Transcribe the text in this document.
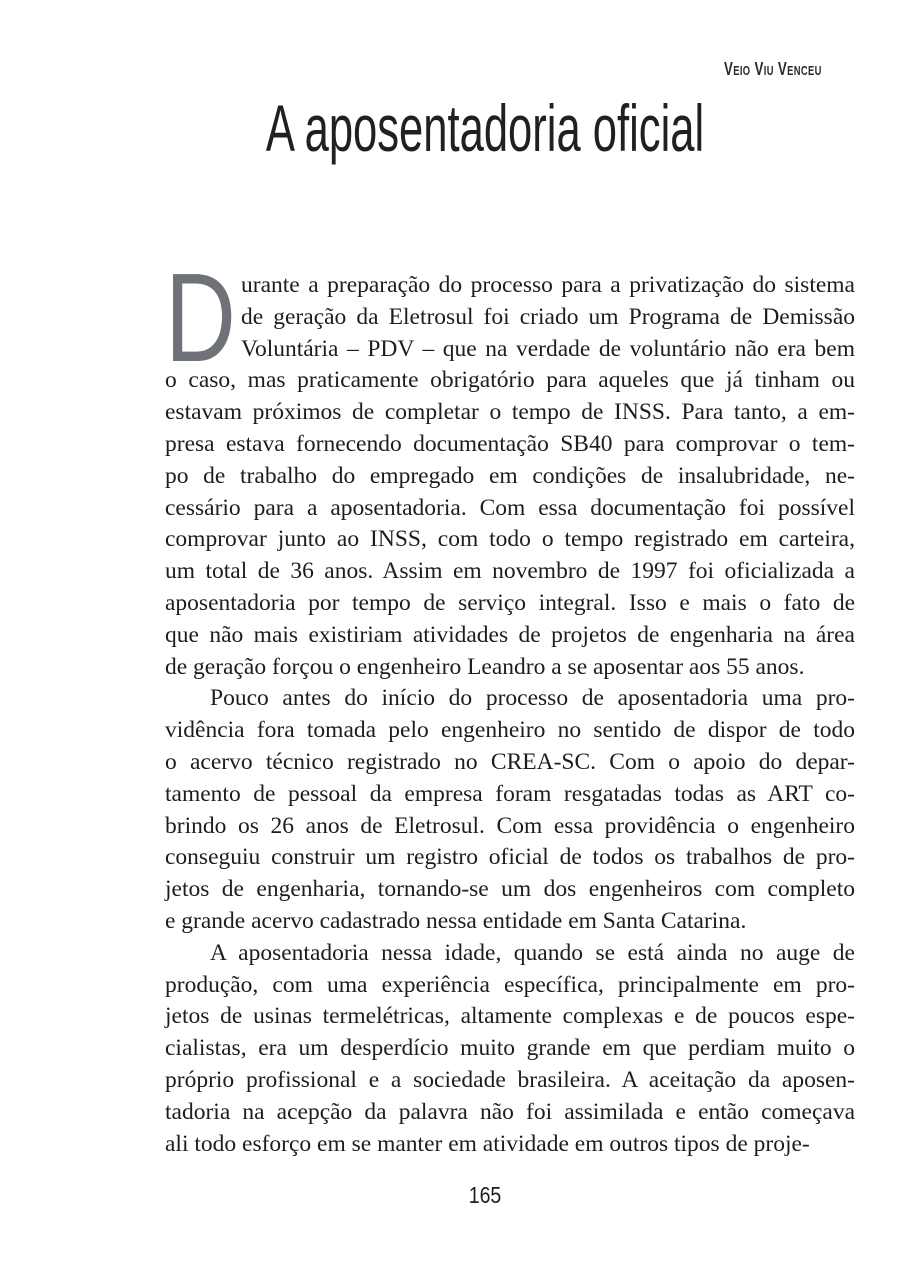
Veio Viu Venceu
A aposentadoria oficial
D urante a preparação do processo para a privatização do sistema
de geração da Eletrosul foi criado um Programa de Demissão
Voluntária – PDV – que na verdade de voluntário não era bem
o caso, mas praticamente obrigatório para aqueles que já tinham ou
estavam próximos de completar o tempo de INSS. Para tanto, a em-
presa estava fornecendo documentação SB40 para comprovar o tem-
po de trabalho do empregado em condições de insalubridade, ne-
cessário para a aposentadoria. Com essa documentação foi possível
comprovar junto ao INSS, com todo o tempo registrado em carteira,
um total de 36 anos. Assim em novembro de 1997 foi oficializada a
aposentadoria por tempo de serviço integral. Isso e mais o fato de
que não mais existiriam atividades de projetos de engenharia na área
de geração forçou o engenheiro Leandro a se aposentar aos 55 anos.
Pouco antes do início do processo de aposentadoria uma pro-
vidência fora tomada pelo engenheiro no sentido de dispor de todo
o acervo técnico registrado no CREA-SC. Com o apoio do depar-
tamento de pessoal da empresa foram resgatadas todas as ART co-
brindo os 26 anos de Eletrosul. Com essa providência o engenheiro
conseguiu construir um registro oficial de todos os trabalhos de pro-
jetos de engenharia, tornando-se um dos engenheiros com completo
e grande acervo cadastrado nessa entidade em Santa Catarina.
A aposentadoria nessa idade, quando se está ainda no auge de
produção, com uma experiência específica, principalmente em pro-
jetos de usinas termelétricas, altamente complexas e de poucos espe-
cialistas, era um desperdício muito grande em que perdiam muito o
próprio profissional e a sociedade brasileira. A aceitação da aposen-
tadoria na acepção da palavra não foi assimilada e então começava
ali todo esforço em se manter em atividade em outros tipos de proje-
165
